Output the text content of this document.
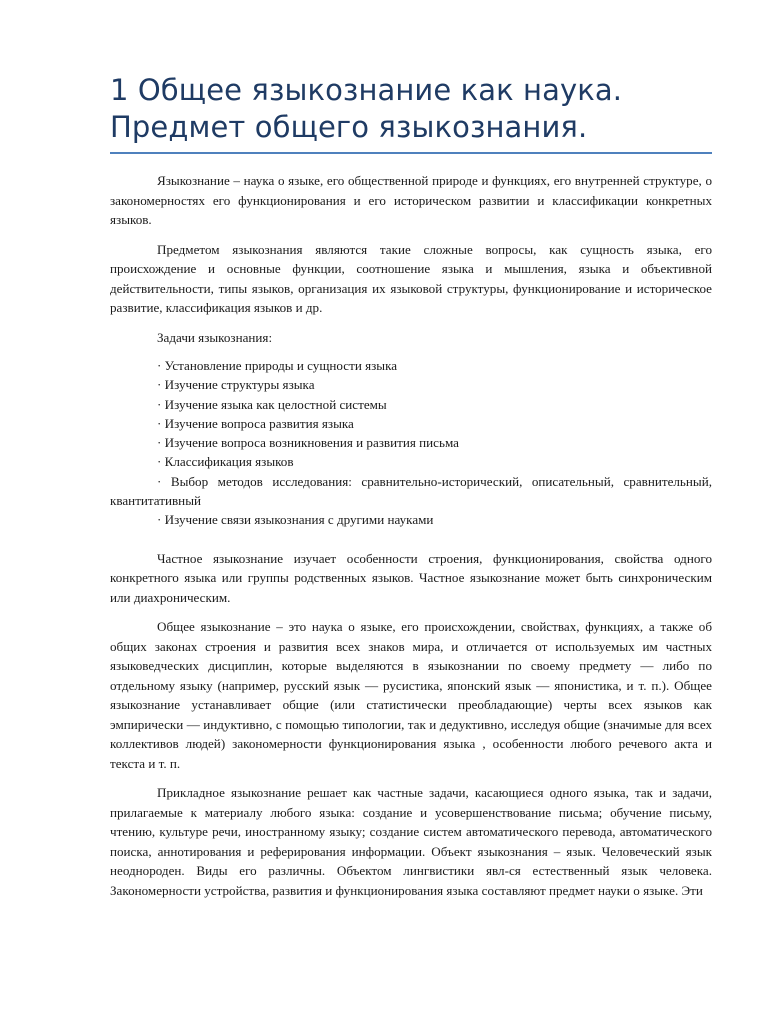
1 Общее языкознание как наука.
Предмет общего языкознания.

Языкознание – наука о языке, его общественной природе и функциях, его внутренней структуре, о закономерностях его функционирования и его историческом развитии и классификации конкретных языков.

Предметом языкознания являются такие сложные вопросы, как сущность языка, его происхождение и основные функции, соотношение языка и мышления, языка и объективной действительности, типы языков, организация их языковой структуры, функционирование и историческое развитие, классификация языков и др.

Задачи языкознания:

· Установление природы и сущности языка
· Изучение структуры языка
· Изучение языка как целостной системы
· Изучение вопроса развития языка
· Изучение вопроса возникновения и развития письма
· Классификация языков
· Выбор методов исследования: сравнительно-исторический, описательный, сравнительный, квантитативный
· Изучение связи языкознания с другими науками

Частное языкознание изучает особенности строения, функционирования, свойства одного конкретного языка или группы родственных языков. Частное языкознание может быть синхроническим или диахроническим.

Общее языкознание – это наука о языке, его происхождении, свойствах, функциях, а также об общих законах строения и развития всех знаков мира, и отличается от используемых им частных языковедческих дисциплин, которые выделяются в языкознании по своему предмету — либо по отдельному языку (например, русский язык — русистика, японский язык — японистика, и т. п.). Общее языкознание устанавливает общие (или статистически преобладающие) черты всех языков как эмпирически — индуктивно, с помощью типологии, так и дедуктивно, исследуя общие (значимые для всех коллективов людей) закономерности функционирования языка , особенности любого речевого акта и текста и т. п.

Прикладное языкознание решает как частные задачи, касающиеся одного языка, так и задачи, прилагаемые к материалу любого языка: создание и усовершенствование письма; обучение письму, чтению, культуре речи, иностранному языку; создание систем автоматического перевода, автоматического поиска, аннотирования и реферирования информации. Объект языкознания – язык. Человеческий язык неоднороден. Виды его различны. Объектом лингвистики явл-ся естественный язык человека. Закономерности устройства, развития и функционирования языка составляют предмет науки о языке. Эти
